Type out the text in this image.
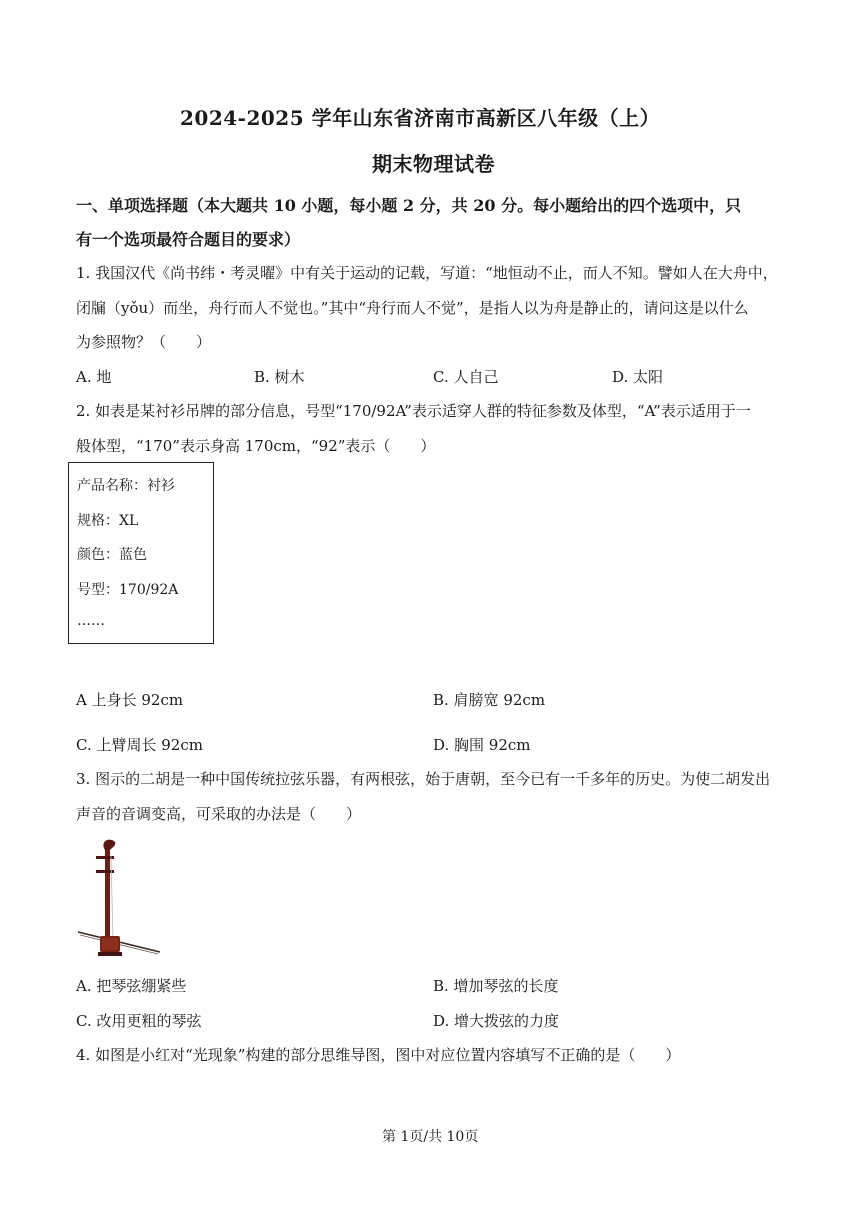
2024-2025 学年山东省济南市高新区八年级（上）
期末物理试卷
一、单项选择题（本大题共 10 小题，每小题 2 分，共 20 分。每小题给出的四个选项中，只
有一个选项最符合题目的要求）
1. 我国汉代《尚书纬・考灵曜》中有关于运动的记载，写道：“地恒动不止，而人不知。譬如人在大舟中，
闭牖（yǒu）而坐，舟行而人不觉也。”其中“舟行而人不觉”，是指人以为舟是静止的，请问这是以什么
为参照物？（　　）
A. 地	B. 树木	C. 人自己	D. 太阳
2. 如表是某衬衫吊牌的部分信息，号型“170/92A”表示适穿人群的特征参数及体型，“A”表示适用于一
般体型，“170”表示身高 170cm，“92”表示（　　）
产品名称：衬衫
规格：XL
颜色：蓝色
号型：170/92A
……
A 上身长 92cm	B. 肩膀宽 92cm
C. 上臂周长 92cm	D. 胸围 92cm
3. 图示的二胡是一种中国传统拉弦乐器，有两根弦，始于唐朝，至今已有一千多年的历史。为使二胡发出
声音的音调变高，可采取的办法是（　　）
A. 把琴弦绷紧些	B. 增加琴弦的长度
C. 改用更粗的琴弦	D. 增大拨弦的力度
4. 如图是小红对“光现象”构建的部分思维导图，图中对应位置内容填写不正确的是（　　）
第 1页/共 10页
